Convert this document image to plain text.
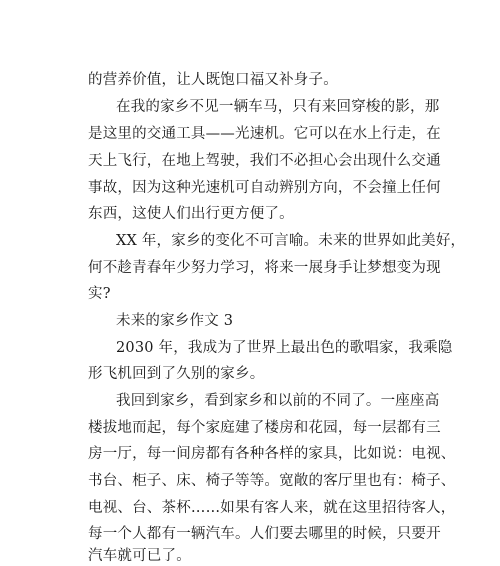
的营养价值，让人既饱口福又补身子。
在我的家乡不见一辆车马，只有来回穿梭的影，那
是这里的交通工具——光速机。它可以在水上行走，在
天上飞行，在地上驾驶，我们不必担心会出现什么交通
事故，因为这种光速机可自动辨别方向，不会撞上任何
东西，这使人们出行更方便了。
XX 年，家乡的变化不可言喻。未来的世界如此美好，
何不趁青春年少努力学习，将来一展身手让梦想变为现
实?
未来的家乡作文 3
2030 年，我成为了世界上最出色的歌唱家，我乘隐
形飞机回到了久别的家乡。
我回到家乡，看到家乡和以前的不同了。一座座高
楼拔地而起，每个家庭建了楼房和花园，每一层都有三
房一厅，每一间房都有各种各样的家具，比如说：电视、
书台、柜子、床、椅子等等。宽敞的客厅里也有：椅子、
电视、台、茶杯……如果有客人来，就在这里招待客人，
每一个人都有一辆汽车。人们要去哪里的时候，只要开
汽车就可已了。
